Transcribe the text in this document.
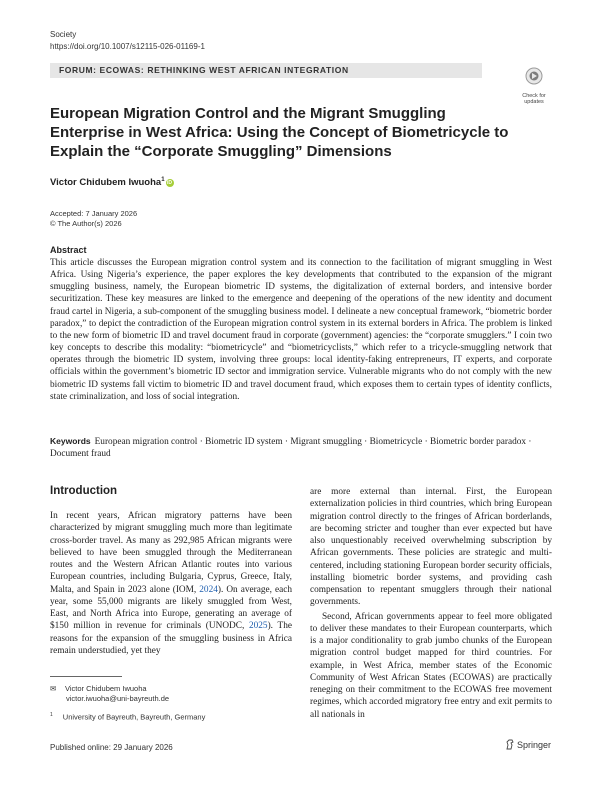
Society
https://doi.org/10.1007/s12115-026-01169-1
FORUM: ECOWAS: RETHINKING WEST AFRICAN INTEGRATION
Check for updates
European Migration Control and the Migrant Smuggling Enterprise in West Africa: Using the Concept of Biometricycle to Explain the “Corporate Smuggling” Dimensions
Victor Chidubem Iwuoha$^1$iD
Accepted: 7 January 2026
© The Author(s) 2026
Abstract
This article discusses the European migration control system and its connection to the facilitation of migrant smuggling in West Africa. Using Nigeria’s experience, the paper explores the key developments that contributed to the expansion of the migrant smuggling business, namely, the European biometric ID systems, the digitalization of external borders, and intensive border securitization. These key measures are linked to the emergence and deepening of the operations of the new identity and document fraud cartel in Nigeria, a sub-component of the smuggling business model. I delineate a new conceptual framework, “biometric border paradox,” to depict the contradiction of the European migration control system in its external borders in Africa. The problem is linked to the new form of biometric ID and travel document fraud in corporate (government) agencies: the “corporate smugglers.” I coin two key concepts to describe this modality: “biometricycle” and “biometricyclists,” which refer to a tricycle-smuggling network that operates through the biometric ID system, involving three groups: local identity-faking entrepreneurs, IT experts, and corporate officials within the government’s biometric ID sector and immigration service. Vulnerable migrants who do not comply with the new biometric ID systems fall victim to biometric ID and travel document fraud, which exposes them to certain types of identity conflicts, state criminalization, and loss of social integration.
Keywords European migration control · Biometric ID system · Migrant smuggling · Biometricycle · Biometric border paradox · Document fraud
Introduction

In recent years, African migratory patterns have been characterized by migrant smuggling much more than legitimate cross-border travel. As many as 292,985 African migrants were believed to have been smuggled through the Mediterranean routes and the Western African Atlantic routes into various European countries, including Bulgaria, Cyprus, Greece, Italy, Malta, and Spain in 2023 alone (IOM, 2024). On average, each year, some 55,000 migrants are likely smuggled from West, East, and North Africa into Europe, generating an average of $150 million in revenue for criminals (UNODC, 2025). The reasons for the expansion of the smuggling business in Africa remain understudied, yet they

are more external than internal. First, the European externalization policies in third countries, which bring European migration control directly to the fringes of African borderlands, are becoming stricter and tougher than ever expected but have also unquestionably received overwhelming subscription by African governments. These policies are strategic and multi-centered, including stationing European border security officials, installing biometric border systems, and providing cash compensation to repentant smugglers through their national governments.

Second, African governments appear to feel more obligated to deliver these mandates to their European counterparts, which is a major conditionality to grab jumbo chunks of the European migration control budget mapped for third countries. For example, in West Africa, member states of the Economic Community of West African States (ECOWAS) are practically reneging on their commitment to the ECOWAS free movement regimes, which accorded migratory free entry and exit permits to all nationals in

✉ Victor Chidubem Iwuoha
victor.iwuoha@uni-bayreuth.de
$^1$ University of Bayreuth, Bayreuth, Germany
Published online: 29 January 2026	Springer
